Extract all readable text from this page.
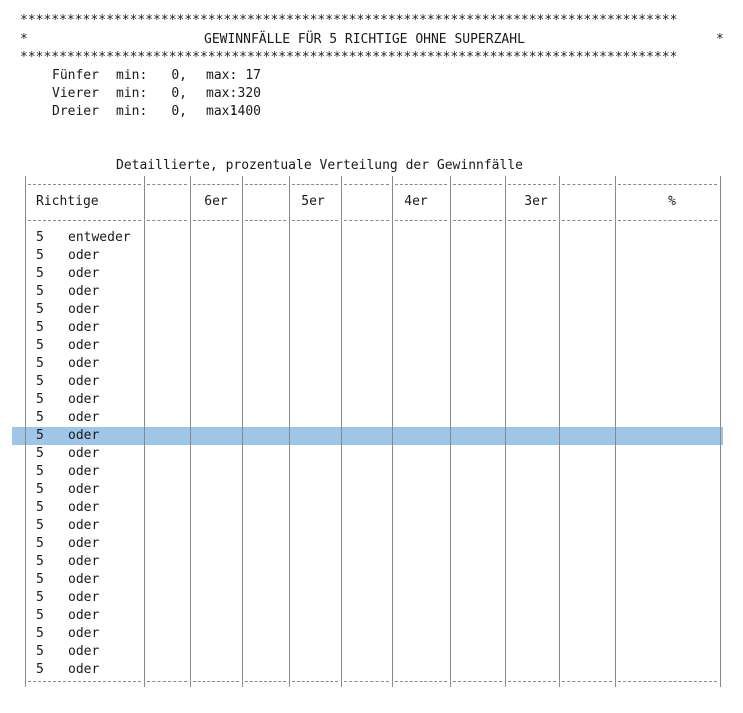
************************************************************************************
*	GEWINNFÄLLE FÜR 5 RICHTIGE OHNE SUPERZAHL	*
************************************************************************************
Fünfer min: 0, max: 17
Vierer min: 0, max: 320
Dreier min: 0, max:
1400
Detaillierte, prozentuale Verteilung der Gewinnfälle
Richtige	6er	5er	4er	3er	%
5 entweder
5 oder
5 oder
5 oder
5 oder
5 oder
5 oder
5 oder
5 oder
5 oder
5 oder
5 oder
5 oder
5 oder
5 oder
5 oder
5 oder
5 oder
5 oder
5 oder
5 oder
5 oder
5 oder
5 oder
5 oder
